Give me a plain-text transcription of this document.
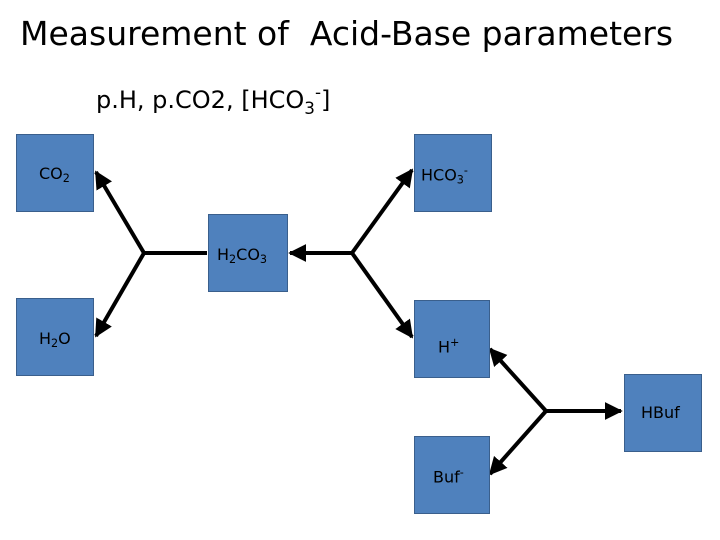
Measurement of  Acid-Base parameters
p.H, p.CO2, $[HCO_3^-]$
$CO_2$	$HCO_3^-$
$H_2CO_3$
$H_2O$	H+
HBuf
Buf-
